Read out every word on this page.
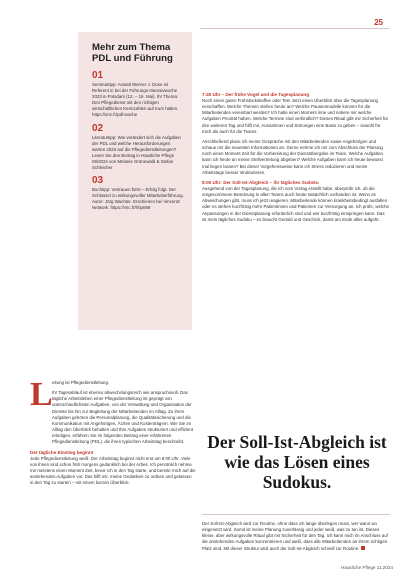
25
Mehr zum Thema
PDL und Führung
01
Seminartipp: Anwalt Werner J. Dose ist Referent in bei der Führungs-Intensivwoche 2023 in Potsdam (12. – 16. Mai). Ihr Thema: Den Pflegedienst mit den richtigen wirtschaftlichen Kennzahlen auf Kurs halten. https://vnc.fr/pdl-woche
02
Literaturtipp: Wie verändert sich die Aufgaben der PDL und welche Herausforderungen warten 2023 auf die Pflegedienstleitungen? Lesen Sie den Beitrag in Häusliche Pflege 09/2024 von Melanie Grünewald & Stefan Schleicher
03
Buchtipp: Vertrauen führt – Erfolg folgt. Der Schlüssel zu wirkungsvoller Mitarbeiterführung. Autor: Jörg Wachter. Erschienen bei Vincentz Network. https://vnc.fr/hhp069
7:45 Uhr – Der frühe Vogel und die Tagesplanung

Noch einen guten Frühstückskaffee oder Tee! Jetzt einen Überblick über die Tagesplanung verschaffen. Welche Themen stehen heute an? Welche Pausenmodelle können für die Mitarbeitenden vereinbart werden? Ich halte einen Moment inne und notiere mir welche Aufgaben Priorität haben. Welche Termine sind verbindlich? Dieses Ritual gibt mir Sicherheit für den weiteren Tag und hilft mir, Ausnahmen und Störungen eine Basis zu geben – sowohl für mich als auch für die Teams.

Anschließend plane ich meine Gespräche mit den Mitarbeitenden sowie Angehörigen und schaue mir die neuesten Informationen an. Gerne nehme ich mir zum Abschluss der Planung noch einen Moment Zeit für die Vorbereitung der Dienstübergabe im Team. Welche Aufgaben kann ich heute an meine Stellvertretung abgeben? Welche Aufgaben kann ich heute bewusst mal liegen lassen? Bei dieser Vorgehensweise kann ich Stress reduzieren und meine Arbeitstage besser strukturieren.

8:00 Uhr: Der Soll-Ist-Abgleich – ihr tägliches Sudoku

Ausgehend von der Tagesplanung, die ich vom Vortag erstellt habe, überprüfe ich, ob die vorgenommene Besetzung in allen Teams auch heute tatsächlich vorhanden ist. Wenn es Abweichungen gibt, muss ich jetzt reagieren. Mitarbeitende können krankheitsbedingt ausfallen oder es stehen kurzfristig mehr Patientinnen und Patienten zur Versorgung an. Ich prüfe, welche Anpassungen in der Dienstplanung erforderlich sind und wer kurzfristig einspringen kann. Das ist mein tägliches Sudoku – es braucht Geduld und Geschick, damit am Ende alles aufgeht.

Der Soll-Ist-Abgleich ist wie das Lösen eines Sudokus.
Der Soll-Ist-Abgleich wird zur Routine, ohne dass ich lange überlegen muss, wer wann wo eingesetzt wird. Somit ist meine Planung zuverlässig und jeder weiß, was zu tun ist. Dieses kleine, aber wirkungsvolle Ritual gibt mir Sicherheit für den Tag. Ich kann mich im Anschluss auf die anstehenden Aufgaben konzentrieren und weiß, dass alle Mitarbeitenden an ihrem richtigen Platz sind. Mit dieser Struktur wird auch der Soll-Ist-Abgleich schnell zur Routine.
L eitung ist Pflegedienstleitung.

Ihr Tagesablauf ist ebenso abwechslungsreich wie anspruchsvoll. Das tägliche Arbeitsleben einer Pflegedienstleitung ist geprägt von unterschiedlichsten Aufgaben, von der Verwaltung und Organisation der Dienste bis hin zur Begleitung der Mitarbeitenden im Alltag. Zu ihren Aufgaben gehören die Personalplanung, die Qualitätssicherung und die Kommunikation mit Angehörigen, Ärzten und Kostenträgern. Wie Sie im Alltag den Überblick behalten und Ihre Aufgaben strukturiert und effizient erledigen, erfahren Sie im folgenden Beitrag einer erfahrenen Pflegedienstleitung (PDL), die ihren typischen Arbeitstag beschreibt.

Der tägliche Einstieg beginnt

Jede Pflegedienstleitung weiß: Der Arbeitstag beginnt nicht erst um 8:00 Uhr. Viele von ihnen sind schon früh morgens gedanklich bei der Arbeit. Ich persönlich nehme mir meistens einen Moment Zeit, bevor ich in den Tag starte, und bereite mich auf die anstehenden Aufgaben vor. Das hilft mir, meine Gedanken zu ordnen und gelassen in den Tag zu starten – mit einem kurzen Überblick.

Häusliche Pflege 11.2024
